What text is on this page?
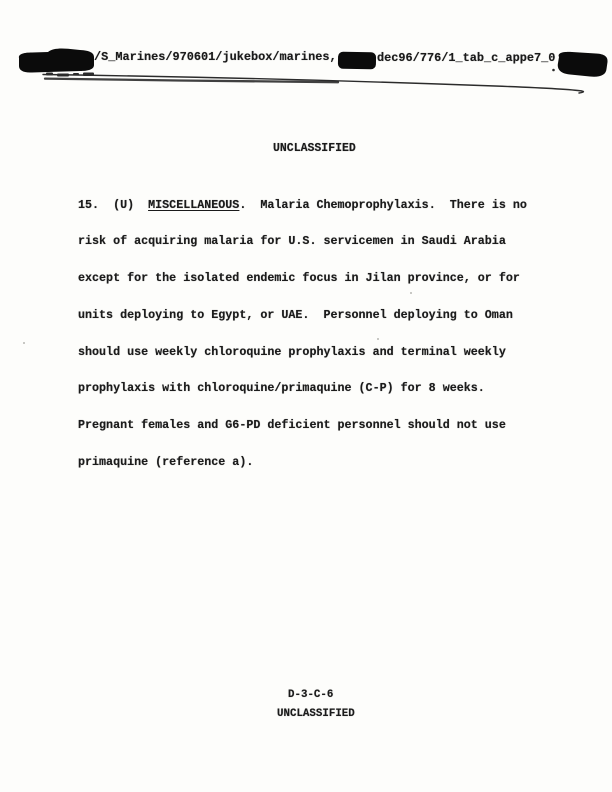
/S_Marines/970601/jukebox/marines,	dec96/776/1_tab_c_appe7_0
UNCLASSIFIED

15.  (U)  MISCELLANEOUS.  Malaria Chemoprophylaxis.  There is no

risk of acquiring malaria for U.S. servicemen in Saudi Arabia

except for the isolated endemic focus in Jilan province, or for

units deploying to Egypt, or UAE.  Personnel deploying to Oman

should use weekly chloroquine prophylaxis and terminal weekly

prophylaxis with chloroquine/primaquine (C-P) for 8 weeks.

Pregnant females and G6-PD deficient personnel should not use

primaquine (reference a).

D-3-C-6
UNCLASSIFIED
